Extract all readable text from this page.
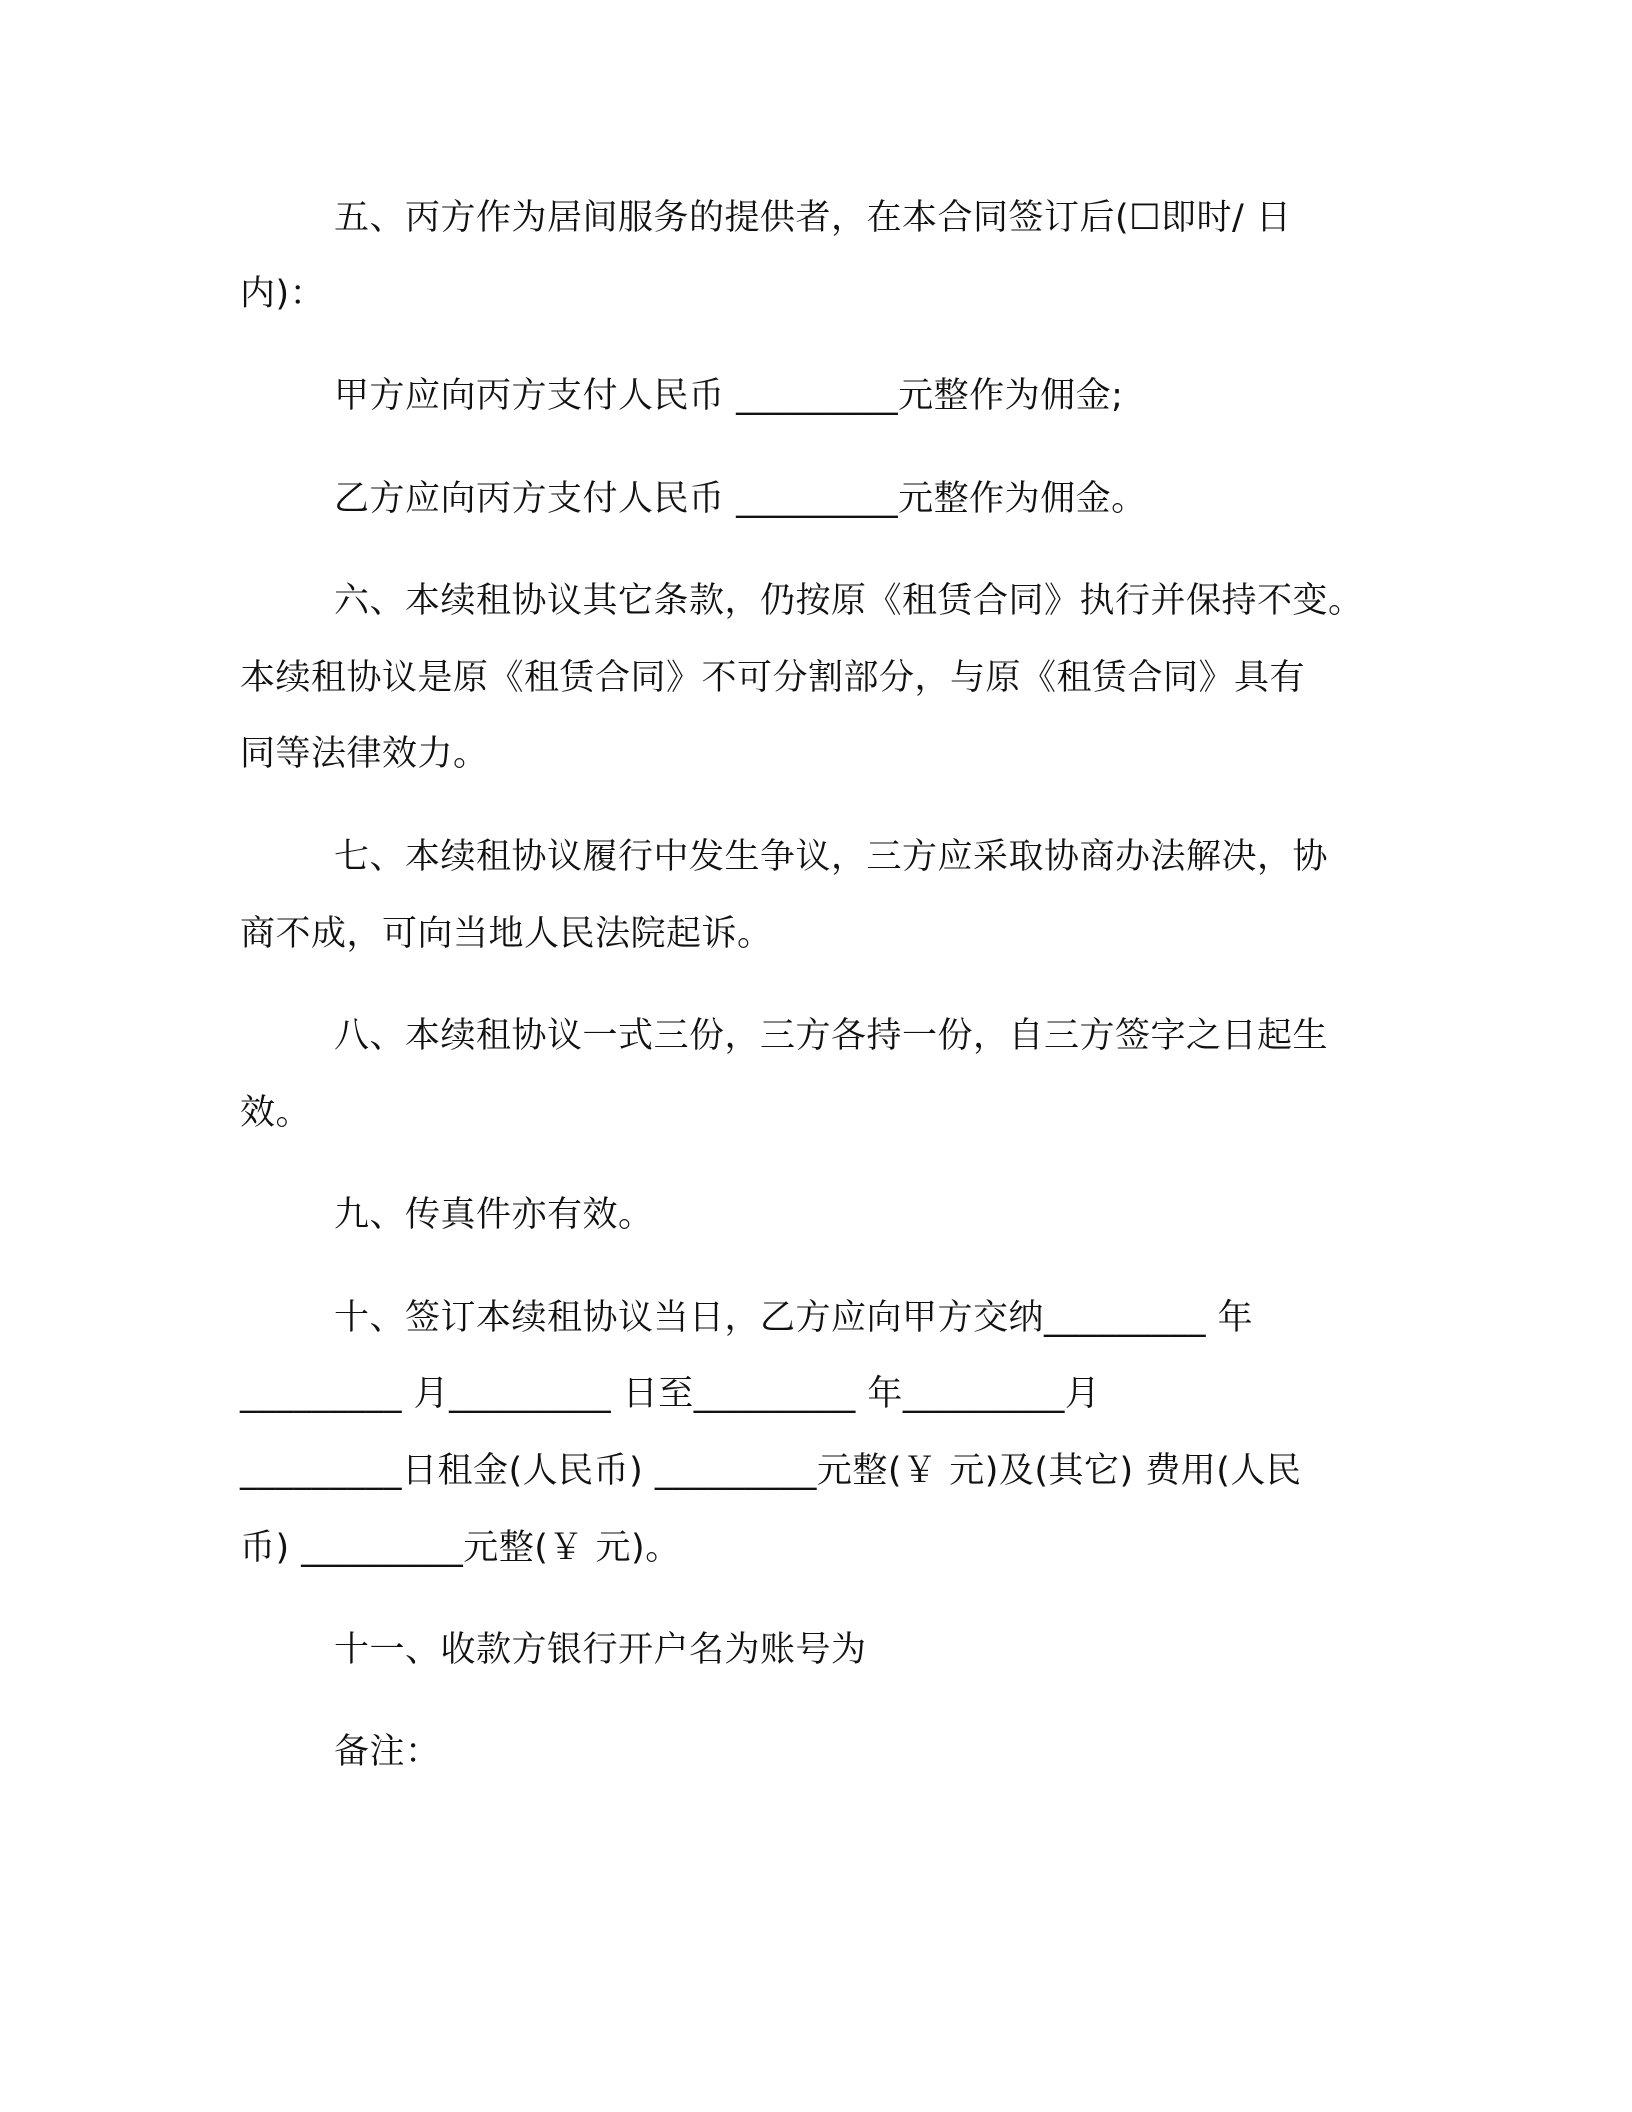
五、丙方作为居间服务的提供者，在本合同签订后(☐即时/ 日
内)：
甲方应向丙方支付人民币 _________元整作为佣金;
乙方应向丙方支付人民币 _________元整作为佣金。
六、本续租协议其它条款，仍按原《租赁合同》执行并保持不变。
本续租协议是原《租赁合同》不可分割部分，与原《租赁合同》具有
同等法律效力。
七、本续租协议履行中发生争议，三方应采取协商办法解决，协
商不成，可向当地人民法院起诉。
八、本续租协议一式三份，三方各持一份，自三方签字之日起生
效。
九、传真件亦有效。
十、签订本续租协议当日，乙方应向甲方交纳_________ 年
_________ 月_________ 日至_________ 年_________月
_________日租金(人民币) _________元整(￥ 元)及(其它) 费用(人民
币) _________元整(￥ 元)。
十一、收款方银行开户名为账号为
备注：
